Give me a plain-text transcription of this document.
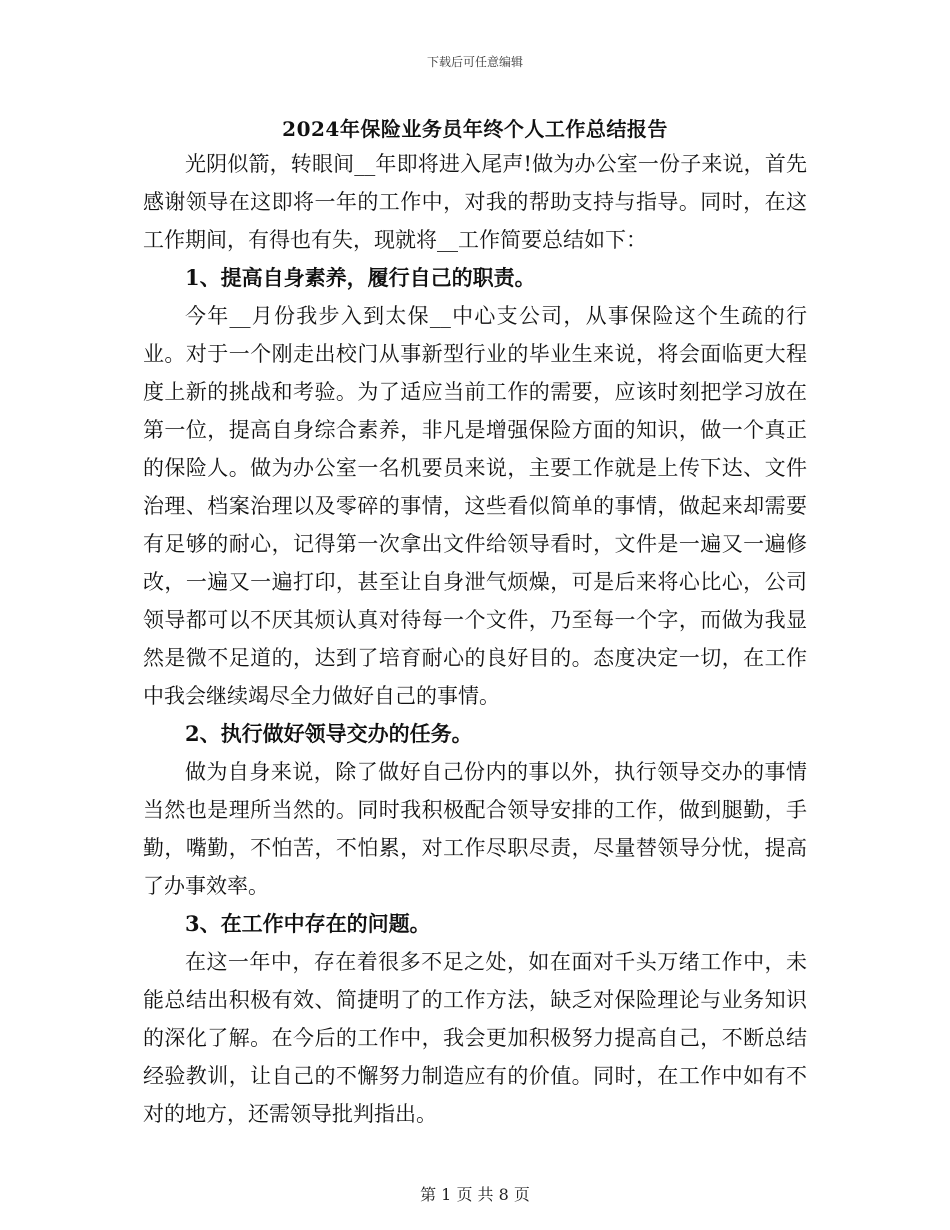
下载后可任意编辑
2024年保险业务员年终个人工作总结报告

光阴似箭，转眼间__年即将进入尾声!做为办公室一份子来说，首先感谢领导在这即将一年的工作中，对我的帮助支持与指导。同时，在这工作期间，有得也有失，现就将__工作简要总结如下：

1、提高自身素养，履行自己的职责。

今年__月份我步入到太保__中心支公司，从事保险这个生疏的行业。对于一个刚走出校门从事新型行业的毕业生来说，将会面临更大程度上新的挑战和考验。为了适应当前工作的需要，应该时刻把学习放在第一位，提高自身综合素养，非凡是增强保险方面的知识，做一个真正的保险人。做为办公室一名机要员来说，主要工作就是上传下达、文件治理、档案治理以及零碎的事情，这些看似简单的事情，做起来却需要有足够的耐心，记得第一次拿出文件给领导看时，文件是一遍又一遍修改，一遍又一遍打印，甚至让自身泄气烦燥，可是后来将心比心，公司领导都可以不厌其烦认真对待每一个文件，乃至每一个字，而做为我显然是微不足道的，达到了培育耐心的良好目的。态度决定一切，在工作中我会继续竭尽全力做好自己的事情。

2、执行做好领导交办的任务。

做为自身来说，除了做好自己份内的事以外，执行领导交办的事情当然也是理所当然的。同时我积极配合领导安排的工作，做到腿勤，手勤，嘴勤，不怕苦，不怕累，对工作尽职尽责，尽量替领导分忧，提高了办事效率。

3、在工作中存在的问题。

在这一年中，存在着很多不足之处，如在面对千头万绪工作中，未能总结出积极有效、简捷明了的工作方法，缺乏对保险理论与业务知识的深化了解。在今后的工作中，我会更加积极努力提高自己，不断总结经验教训，让自己的不懈努力制造应有的价值。同时，在工作中如有不对的地方，还需领导批判指出。

第 1 页 共 8 页
